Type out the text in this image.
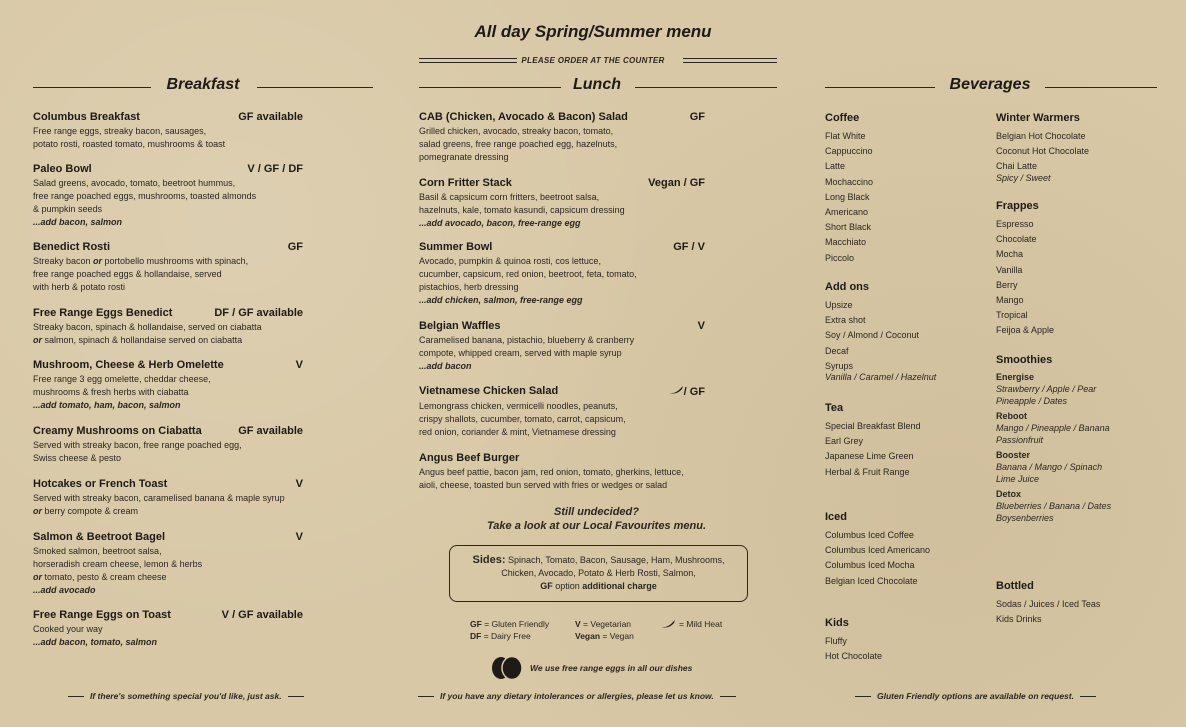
All day Spring/Summer menu
PLEASE ORDER AT THE COUNTER
Breakfast	Lunch	Beverages
Columbus Breakfast	GF available
Free range eggs, streaky bacon, sausages,
potato rosti, roasted tomato, mushrooms & toast
Paleo Bowl	V / GF / DF
Salad greens, avocado, tomato, beetroot hummus,
free range poached eggs, mushrooms, toasted almonds
& pumpkin seeds
...add bacon, salmon
Benedict Rosti	GF
Streaky bacon or portobello mushrooms with spinach,
free range poached eggs & hollandaise, served
with herb & potato rosti
Free Range Eggs Benedict	DF / GF available
Streaky bacon, spinach & hollandaise, served on ciabatta
or salmon, spinach & hollandaise served on ciabatta
Mushroom, Cheese & Herb Omelette	V
Free range 3 egg omelette, cheddar cheese,
mushrooms & fresh herbs with ciabatta
...add tomato, ham, bacon, salmon
Creamy Mushrooms on Ciabatta	GF available
Served with streaky bacon, free range poached egg,
Swiss cheese & pesto
Hotcakes or French Toast	V
Served with streaky bacon, caramelised banana & maple syrup
or berry compote & cream
Salmon & Beetroot Bagel	V
Smoked salmon, beetroot salsa,
horseradish cream cheese, lemon & herbs
or tomato, pesto & cream cheese
...add avocado
Free Range Eggs on Toast	V / GF available
Cooked your way
...add bacon, tomato, salmon
CAB (Chicken, Avocado & Bacon) Salad	GF
Grilled chicken, avocado, streaky bacon, tomato,
salad greens, free range poached egg, hazelnuts,
pomegranate dressing
Corn Fritter Stack	Vegan / GF
Basil & capsicum corn fritters, beetroot salsa,
hazelnuts, kale, tomato kasundi, capsicum dressing
...add avocado, bacon, free-range egg
Summer Bowl	GF / V
Avocado, pumpkin & quinoa rosti, cos lettuce,
cucumber, capsicum, red onion, beetroot, feta, tomato,
pistachios, herb dressing
...add chicken, salmon, free-range egg
Belgian Waffles	V
Caramelised banana, pistachio, blueberry & cranberry
compote, whipped cream, served with maple syrup
...add bacon
Vietnamese Chicken Salad	/ GF
Lemongrass chicken, vermicelli noodles, peanuts,
crispy shallots, cucumber, tomato, carrot, capsicum,
red onion, coriander & mint, Vietnamese dressing
Angus Beef Burger
Angus beef pattie, bacon jam, red onion, tomato, gherkins, lettuce,
aioli, cheese, toasted bun served with fries or wedges or salad
Coffee
Flat White
Cappuccino
Latte
Mochaccino
Long Black
Americano
Short Black
Macchiato
Piccolo
Add ons
Upsize
Extra shot
Soy / Almond / Coconut
Decaf
Syrups
Vanilla / Caramel / Hazelnut
Tea
Special Breakfast Blend
Earl Grey
Japanese Lime Green
Herbal & Fruit Range
Iced
Columbus Iced Coffee
Columbus Iced Americano
Columbus Iced Mocha
Belgian Iced Chocolate
Kids
Fluffy
Hot Chocolate
Winter Warmers
Belgian Hot Chocolate
Coconut Hot Chocolate
Chai Latte
Spicy / Sweet
Frappes
Espresso
Chocolate
Mocha
Vanilla
Berry
Mango
Tropical
Feijoa & Apple
Smoothies
Energise
Strawberry / Apple / Pear
Pineapple / Dates
Reboot
Mango / Pineapple / Banana
Passionfruit
Booster
Banana / Mango / Spinach
Lime Juice
Detox
Blueberries / Banana / Dates
Boysenberries
Bottled
Sodas / Juices / Iced Teas
Kids Drinks
Still undecided?
Take a look at our Local Favourites menu.
Sides: Spinach, Tomato, Bacon, Sausage, Ham, Mushrooms,
Chicken, Avocado, Potato & Herb Rosti, Salmon,
GF option additional charge
GF = Gluten Friendly
DF = Dairy Free
V = Vegetarian
Vegan = Vegan
= Mild Heat
We use free range eggs in all our dishes
If there's something special you'd like, just ask.	If you have any dietary intolerances or allergies, please let us know.	Gluten Friendly options are available on request.
